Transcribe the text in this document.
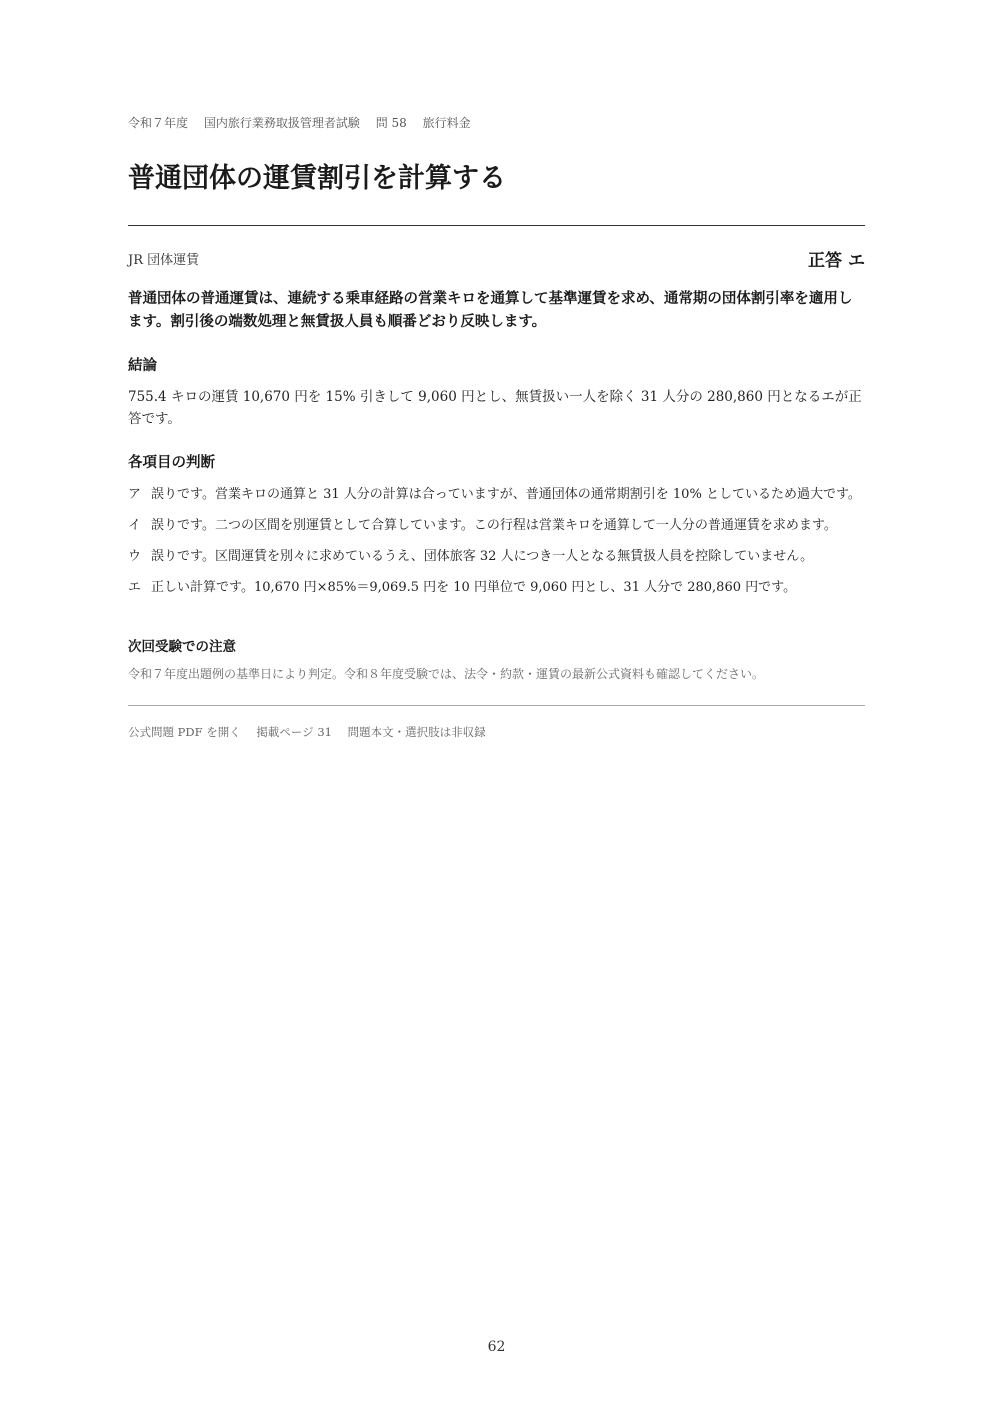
令和７年度 国内旅行業務取扱管理者試験 問 58 旅行料金
普通団体の運賃割引を計算する
JR 団体運賃	正答 エ

普通団体の普通運賃は、連続する乗車経路の営業キロを通算して基準運賃を求め、通常期の団体割引率を適用します。割引後の端数処理と無賃扱人員も順番どおり反映します。

結論

755.4 キロの運賃 10,670 円を 15% 引きして 9,060 円とし、無賃扱い一人を除く 31 人分の 280,860 円となるエが正答です。

各項目の判断
ア 誤りです。営業キロの通算と 31 人分の計算は合っていますが、普通団体の通常期割引を 10% としているため過大です。
イ 誤りです。二つの区間を別運賃として合算しています。この行程は営業キロを通算して一人分の普通運賃を求めます。
ウ 誤りです。区間運賃を別々に求めているうえ、団体旅客 32 人につき一人となる無賃扱人員を控除していません。
エ 正しい計算です。10,670 円×85%＝9,069.5 円を 10 円単位で 9,060 円とし、31 人分で 280,860 円です。
次回受験での注意

令和７年度出題例の基準日により判定。令和８年度受験では、法令・約款・運賃の最新公式資料も確認してください。

公式問題 PDF を開く 掲載ページ 31 問題本文・選択肢は非収録
62
